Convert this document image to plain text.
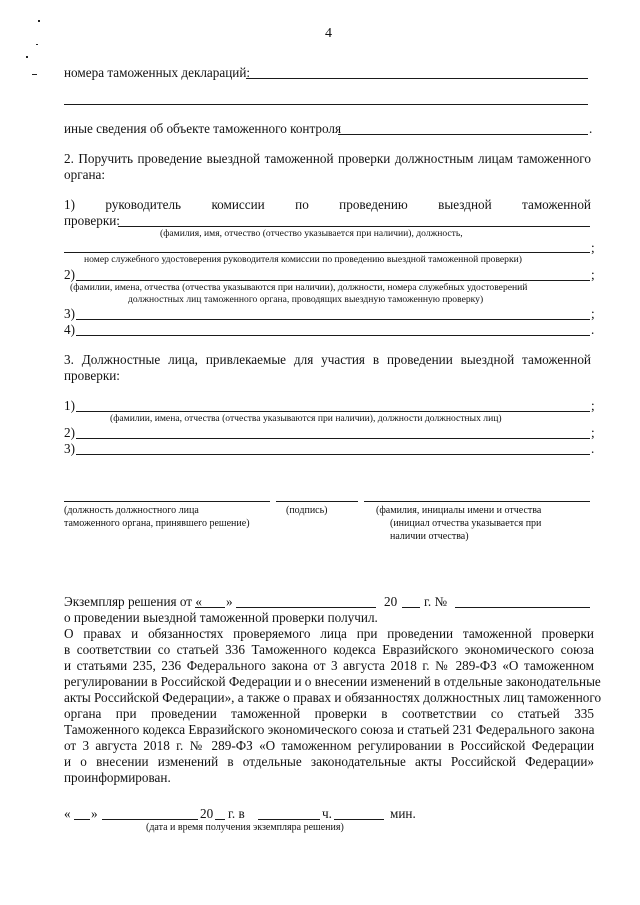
4
номера таможенных деклараций:
иные сведения об объекте таможенного контроля	.
2. Поручить проведение выездной таможенной проверки должностным лицам таможенного
органа:
1) руководитель комиссии по проведению выездной таможенной
проверки:
(фамилия, имя, отчество (отчество указывается при наличии), должность,
;
номер служебного удостоверения руководителя комиссии по проведению выездной таможенной проверки)
2)	;
(фамилии, имена, отчества (отчества указываются при наличии), должности, номера служебных удостоверений
должностных лиц таможенного органа, проводящих выездную таможенную проверку)
3)	;
4)	.
3. Должностные лица, привлекаемые для участия в проведении выездной таможенной
проверки:
1)	;
(фамилии, имена, отчества (отчества указываются при наличии), должности должностных лиц)
2)	;
3)	.
(должность должностного лица
таможенного органа, принявшего решение)
(подпись)	(фамилия, инициалы имени и отчества
(инициал отчества указывается при
наличии отчества)
Экземпляр решения от « »	20 г. №
о проведении выездной таможенной проверки получил.
О правах и обязанностях проверяемого лица при проведении таможенной проверки
в соответствии со статьей 336 Таможенного кодекса Евразийского экономического союза
и статьями 235, 236 Федерального закона от 3 августа 2018 г. № 289-ФЗ «О таможенном
регулировании в Российской Федерации и о внесении изменений в отдельные законодательные
акты Российской Федерации», а также о правах и обязанностях должностных лиц таможенного
органа при проведении таможенной проверки в соответствии со статьей 335
Таможенного кодекса Евразийского экономического союза и статьей 231 Федерального закона
от 3 августа 2018 г. № 289-ФЗ «О таможенном регулировании в Российской Федерации
и о внесении изменений в отдельные законодательные акты Российской Федерации»
проинформирован.
« »	20 г. в	ч.	мин.
(дата и время получения экземпляра решения)
